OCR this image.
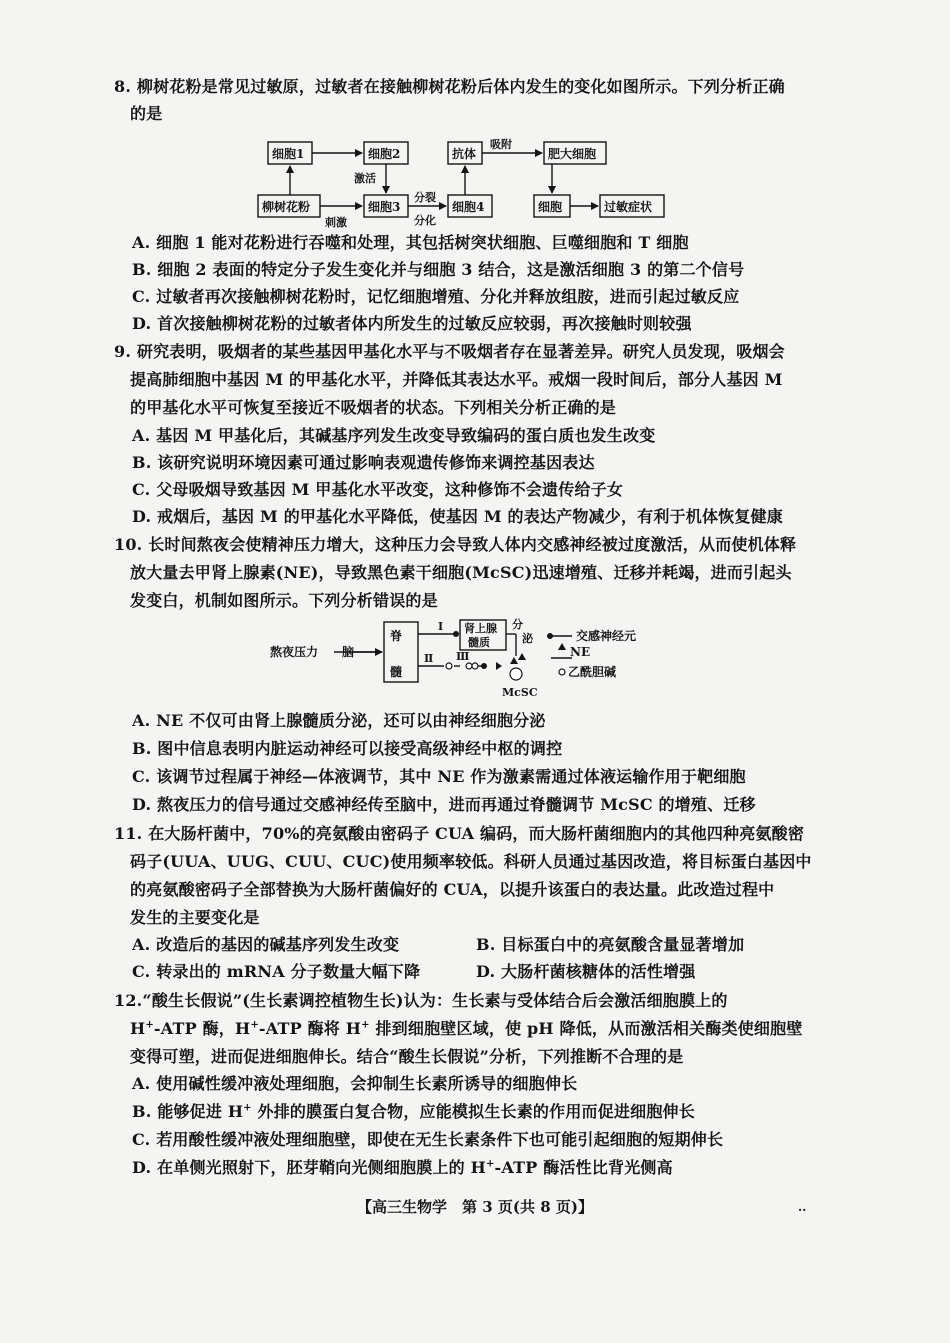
8. 柳树花粉是常见过敏原，过敏者在接触柳树花粉后体内发生的变化如图所示。下列分析正确
的是
细胞1	细胞2	抗体	肥大细胞
柳树花粉	细胞3	细胞4	细胞	过敏症状
激活
刺激
分裂
分化
吸附
A. 细胞 1 能对花粉进行吞噬和处理，其包括树突状细胞、巨噬细胞和 T 细胞
B. 细胞 2 表面的特定分子发生变化并与细胞 3 结合，这是激活细胞 3 的第二个信号
C. 过敏者再次接触柳树花粉时，记忆细胞增殖、分化并释放组胺，进而引起过敏反应
D. 首次接触柳树花粉的过敏者体内所发生的过敏反应较弱，再次接触时则较强
9. 研究表明，吸烟者的某些基因甲基化水平与不吸烟者存在显著差异。研究人员发现，吸烟会
提高肺细胞中基因 M 的甲基化水平，并降低其表达水平。戒烟一段时间后，部分人基因 M
的甲基化水平可恢复至接近不吸烟者的状态。下列相关分析正确的是
A. 基因 M 甲基化后，其碱基序列发生改变导致编码的蛋白质也发生改变
B. 该研究说明环境因素可通过影响表观遗传修饰来调控基因表达
C. 父母吸烟导致基因 M 甲基化水平改变，这种修饰不会遗传给子女
D. 戒烟后，基因 M 的甲基化水平降低，使基因 M 的表达产物减少，有利于机体恢复健康
10. 长时间熬夜会使精神压力增大，这种压力会导致人体内交感神经被过度激活，从而使机体释
放大量去甲肾上腺素(NE)，导致黑色素干细胞(McSC)迅速增殖、迁移并耗竭，进而引起头
发变白，机制如图所示。下列分析错误的是
熬夜压力 脑
脊
髓
肾上腺
髓质
分
泌
Ⅰ
Ⅱ Ⅲ
McSC
交感神经元
NE
乙酰胆碱
A. NE 不仅可由肾上腺髓质分泌，还可以由神经细胞分泌
B. 图中信息表明内脏运动神经可以接受高级神经中枢的调控
C. 该调节过程属于神经—体液调节，其中 NE 作为激素需通过体液运输作用于靶细胞
D. 熬夜压力的信号通过交感神经传至脑中，进而再通过脊髓调节 McSC 的增殖、迁移
11. 在大肠杆菌中，70%的亮氨酸由密码子 CUA 编码，而大肠杆菌细胞内的其他四种亮氨酸密
码子(UUA、UUG、CUU、CUC)使用频率较低。科研人员通过基因改造，将目标蛋白基因中
的亮氨酸密码子全部替换为大肠杆菌偏好的 CUA，以提升该蛋白的表达量。此改造过程中
发生的主要变化是
A. 改造后的基因的碱基序列发生改变	B. 目标蛋白中的亮氨酸含量显著增加
C. 转录出的 mRNA 分子数量大幅下降	D. 大肠杆菌核糖体的活性增强
12.“酸生长假说”(生长素调控植物生长)认为：生长素与受体结合后会激活细胞膜上的
H+-ATP 酶，H+-ATP 酶将 H+ 排到细胞壁区域，使 pH 降低，从而激活相关酶类使细胞壁
变得可塑，进而促进细胞伸长。结合“酸生长假说”分析，下列推断不合理的是
A. 使用碱性缓冲液处理细胞，会抑制生长素所诱导的细胞伸长
B. 能够促进 H+ 外排的膜蛋白复合物，应能模拟生长素的作用而促进细胞伸长
C. 若用酸性缓冲液处理细胞壁，即使在无生长素条件下也可能引起细胞的短期伸长
D. 在单侧光照射下，胚芽鞘向光侧细胞膜上的 H+-ATP 酶活性比背光侧高
【高三生物学　第 3 页(共 8 页)】	..
